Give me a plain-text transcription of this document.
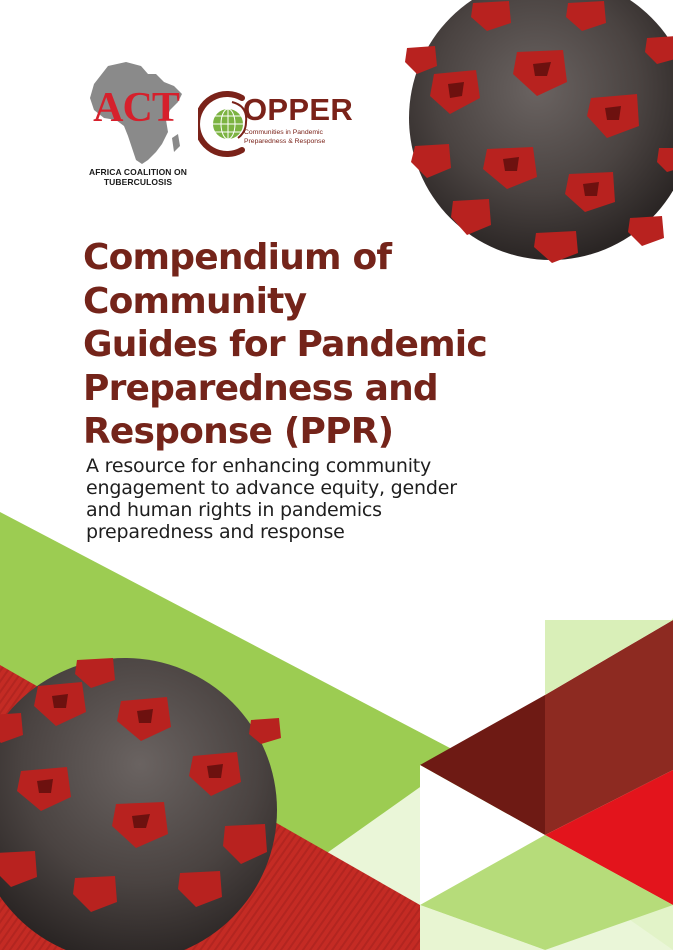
ACT
AFRICA COALITION ON
TUBERCULOSIS
OPPER
Communities in Pandemic
Preparedness & Response
Compendium of
Community
Guides for Pandemic
Preparedness and
Response (PPR)
A resource for enhancing community
engagement to advance equity, gender
and human rights in pandemics
preparedness and response
